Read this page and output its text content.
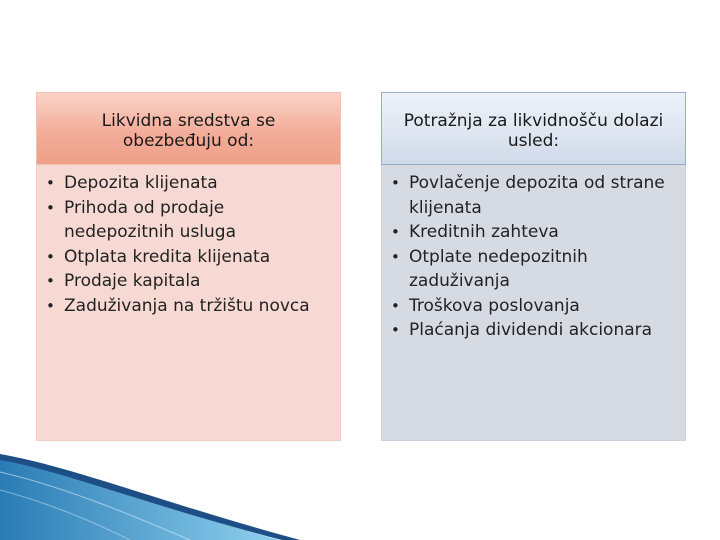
Likvidna sredstva se obezbeđuju od:
• Depozita klijenata
• Prihoda od prodaje nedepozitnih usluga
• Otplata kredita klijenata
• Prodaje kapitala
• Zaduživanja na tržištu novca
Potražnja za likvidnošču dolazi usled:
• Povlačenje depozita od strane klijenata
• Kreditnih zahteva
• Otplate nedepozitnih zaduživanja
• Troškova poslovanja
• Plaćanja dividendi akcionara
